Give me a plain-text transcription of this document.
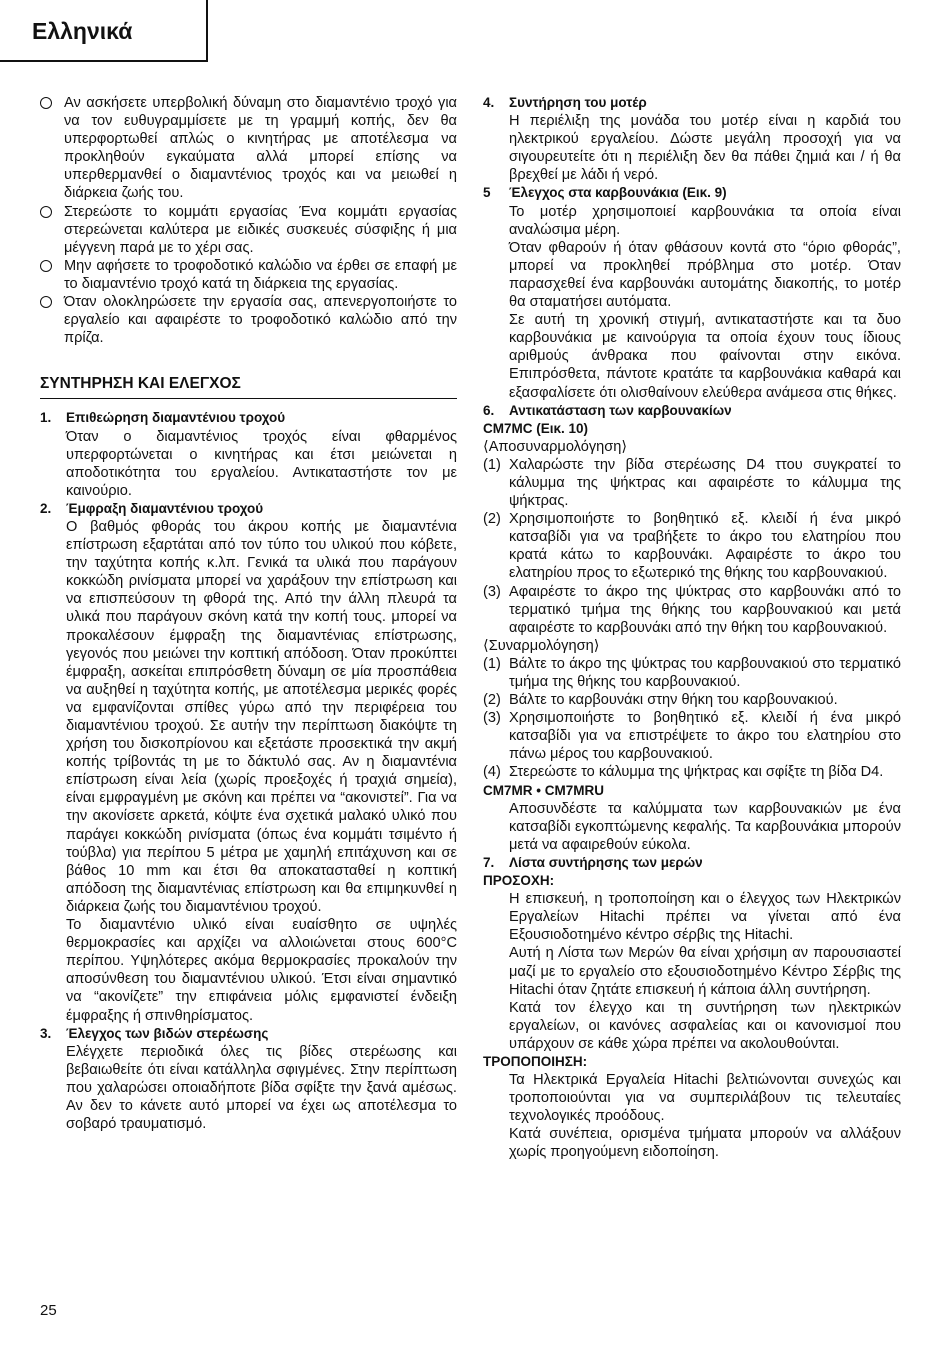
Ελληνικά
Αν ασκήσετε υπερβολική δύναμη στο διαμαντένιο τροχό για να τον ευθυγραμμίσετε με τη γραμμή κοπής, δεν θα υπερφορτωθεί απλώς ο κινητήρας με αποτέλεσμα να προκληθούν εγκαύματα αλλά μπορεί επίσης να υπερθερμανθεί ο διαμαντένιος τροχός και να μειωθεί η διάρκεια ζωής του.
Στερεώστε το κομμάτι εργασίας Ένα κομμάτι εργασίας στερεώνεται καλύτερα με ειδικές συσκευές σύσφιξης ή μια μέγγενη παρά με το χέρι σας.
Μην αφήσετε το τροφοδοτικό καλώδιο να έρθει σε επαφή με το διαμαντένιο τροχό κατά τη διάρκεια της εργασίας.
Όταν ολοκληρώσετε την εργασία σας, απενεργοποιήστε το εργαλείο και αφαιρέστε το τροφοδοτικό καλώδιο από την πρίζα.
ΣΥΝΤΗΡΗΣΗ ΚΑΙ ΕΛΕΓΧΟΣ
1. Επιθεώρηση διαμαντένιου τροχού
Όταν ο διαμαντένιος τροχός είναι φθαρμένος υπερφορτώνεται ο κινητήρας και έτσι μειώνεται η αποδοτικότητα του εργαλείου. Αντικαταστήστε τον με καινούριο.
2. Έμφραξη διαμαντένιου τροχού
Ο βαθμός φθοράς του άκρου κοπής με διαμαντένια επίστρωση εξαρτάται από τον τύπο του υλικού που κόβετε, την ταχύτητα κοπής κ.λπ. Γενικά τα υλικά που παράγουν κοκκώδη ρινίσματα μπορεί να χαράξουν την επίστρωση και να επισπεύσουν τη φθορά της. Από την άλλη πλευρά τα υλικά που παράγουν σκόνη κατά την κοπή τους. μπορεί να προκαλέσουν έμφραξη της διαμαντένιας επίστρωσης, γεγονός που μειώνει την κοπτική απόδοση. Όταν προκύπτει έμφραξη, ασκείται επιπρόσθετη δύναμη σε μία προσπάθεια να αυξηθεί η ταχύτητα κοπής, με αποτέλεσμα μερικές φορές να εμφανίζονται σπίθες γύρω από την περιφέρεια του διαμαντένιου τροχού. Σε αυτήν την περίπτωση διακόψτε τη χρήση του δισκοπρίονου και εξετάστε προσεκτικά την ακμή κοπής τρίβοντάς τη με το δάκτυλό σας. Αν η διαμαντένια επίστρωση είναι λεία (χωρίς προεξοχές ή τραχιά σημεία), είναι εμφραγμένη με σκόνη και πρέπει να “ακονιστεί”. Για να την ακονίσετε αρκετά, κόψτε ένα σχετικά μαλακό υλικό που παράγει κοκκώδη ρινίσματα (όπως ένα κομμάτι τσιμέντο ή τούβλα) για περίπου 5 μέτρα με χαμηλή επιτάχυνση και σε βάθος 10 mm και έτσι θα αποκατασταθεί η κοπτική απόδοση της διαμαντένιας επίστρωση και θα επιμηκυνθεί η διάρκεια ζωής του διαμαντένιου τροχού.
Το διαμαντένιο υλικό είναι ευαίσθητο σε υψηλές θερμοκρασίες και αρχίζει να αλλοιώνεται στους 600°C περίπου. Υψηλότερες ακόμα θερμοκρασίες προκαλούν την αποσύνθεση του διαμαντένιου υλικού. Έτσι είναι σημαντικό να “ακονίζετε” την επιφάνεια μόλις εμφανιστεί ένδειξη έμφραξης ή σπινθηρίσματος.
3. Έλεγχος των βιδών στερέωσης
Ελέγχετε περιοδικά όλες τις βίδες στερέωσης και βεβαιωθείτε ότι είναι κατάλληλα σφιγμένες. Στην περίπτωση που χαλαρώσει οποιαδήποτε βίδα σφίξτε την ξανά αμέσως. Αν δεν το κάνετε αυτό μπορεί να έχει ως αποτέλεσμα το σοβαρό τραυματισμό.
4. Συντήρηση του μοτέρ
Η περιέλιξη της μονάδα του μοτέρ είναι η καρδιά του ηλεκτρικού εργαλείου. Δώστε μεγάλη προσοχή για να σιγουρευτείτε ότι η περιέλιξη δεν θα πάθει ζημιά και / ή θα βρεχθεί με λάδι ή νερό.
5 Έλεγχος στα καρβουνάκια (Εικ. 9)
Το μοτέρ χρησιμοποιεί καρβουνάκια τα οποία είναι αναλώσιμα μέρη.
Όταν φθαρούν ή όταν φθάσουν κοντά στο “όριο φθοράς”, μπορεί να προκληθεί πρόβλημα στο μοτέρ. Όταν παρασχεθεί ένα καρβουνάκι αυτομάτης διακοπής, το μοτέρ θα σταματήσει αυτόματα.
Σε αυτή τη χρονική στιγμή, αντικαταστήστε και τα δυο καρβουνάκια με καινούργια τα οποία έχουν τους ίδιους αριθμούς άνθρακα που φαίνονται στην εικόνα. Επιπρόσθετα, πάντοτε κρατάτε τα καρβουνάκια καθαρά και εξασφαλίσετε ότι ολισθαίνουν ελεύθερα ανάμεσα στις θήκες.
6. Αντικατάσταση των καρβουνακίων
CM7MC (Εικ. 10)
⟨Αποσυναρμολόγηση⟩
(1) Χαλαρώστε την βίδα στερέωσης D4 ττου συγκρατεί το κάλυμμα της ψήκτρας και αφαιρέστε το κάλυμμα της ψήκτρας.
(2) Χρησιμοποιήστε το βοηθητικό εξ. κλειδί ή ένα μικρό κατσαβίδι για να τραβήξετε το άκρο του ελατηρίου που κρατά κάτω το καρβουνάκι. Αφαιρέστε το άκρο του ελατηρίου προς το εξωτερικό της θήκης του καρβουνακιού.
(3) Αφαιρέστε το άκρο της ψύκτρας στο καρβουνάκι από το τερματικό τμήμα της θήκης του καρβουνακιού και μετά αφαιρέστε το καρβουνάκι από την θήκη του καρβουνακιού.
⟨Συναρμολόγηση⟩
(1) Βάλτε το άκρο της ψύκτρας του καρβουνακιού στο τερματικό τμήμα της θήκης του καρβουνακιού.
(2) Βάλτε το καρβουνάκι στην θήκη του καρβουνακιού.
(3) Χρησιμοποιήστε το βοηθητικό εξ. κλειδί ή ένα μικρό κατσαβίδι για να επιστρέψετε το άκρο του ελατηρίου στο πάνω μέρος του καρβουνακιού.
(4) Στερεώστε το κάλυμμα της ψήκτρας και σφίξτε τη βίδα D4.
CM7MR • CM7MRU
Αποσυνδέστε τα καλύμματα των καρβουνακιών με ένα κατσαβίδι εγκοπτώμενης κεφαλής. Τα καρβουνάκια μπορούν μετά να αφαιρεθούν εύκολα.
7. Λίστα συντήρησης των μερών
ΠΡΟΣΟΧΗ:
Η επισκευή, η τροποποίηση και ο έλεγχος των Ηλεκτρικών Εργαλείων Hitachi πρέπει να γίνεται από ένα Εξουσιοδοτημένο κέντρο σέρβις της Hitachi.
Αυτή η Λίστα των Μερών θα είναι χρήσιμη αν παρουσιαστεί μαζί με το εργαλείο στο εξουσιοδοτημένο Κέντρο Σέρβις της Hitachi όταν ζητάτε επισκευή ή κάποια άλλη συντήρηση.
Κατά τον έλεγχο και τη συντήρηση των ηλεκτρικών εργαλείων, οι κανόνες ασφαλείας και οι κανονισμοί που υπάρχουν σε κάθε χώρα πρέπει να ακολουθούνται.
ΤΡΟΠΟΠΟΙΗΣΗ:
Τα Ηλεκτρικά Εργαλεία Hitachi βελτιώνονται συνεχώς και τροποποιούνται για να συμπεριλάβουν τις τελευταίες τεχνολογικές προόδους.
Κατά συνέπεια, ορισμένα τμήματα μπορούν να αλλάξουν χωρίς προηγούμενη ειδοποίηση.
25
